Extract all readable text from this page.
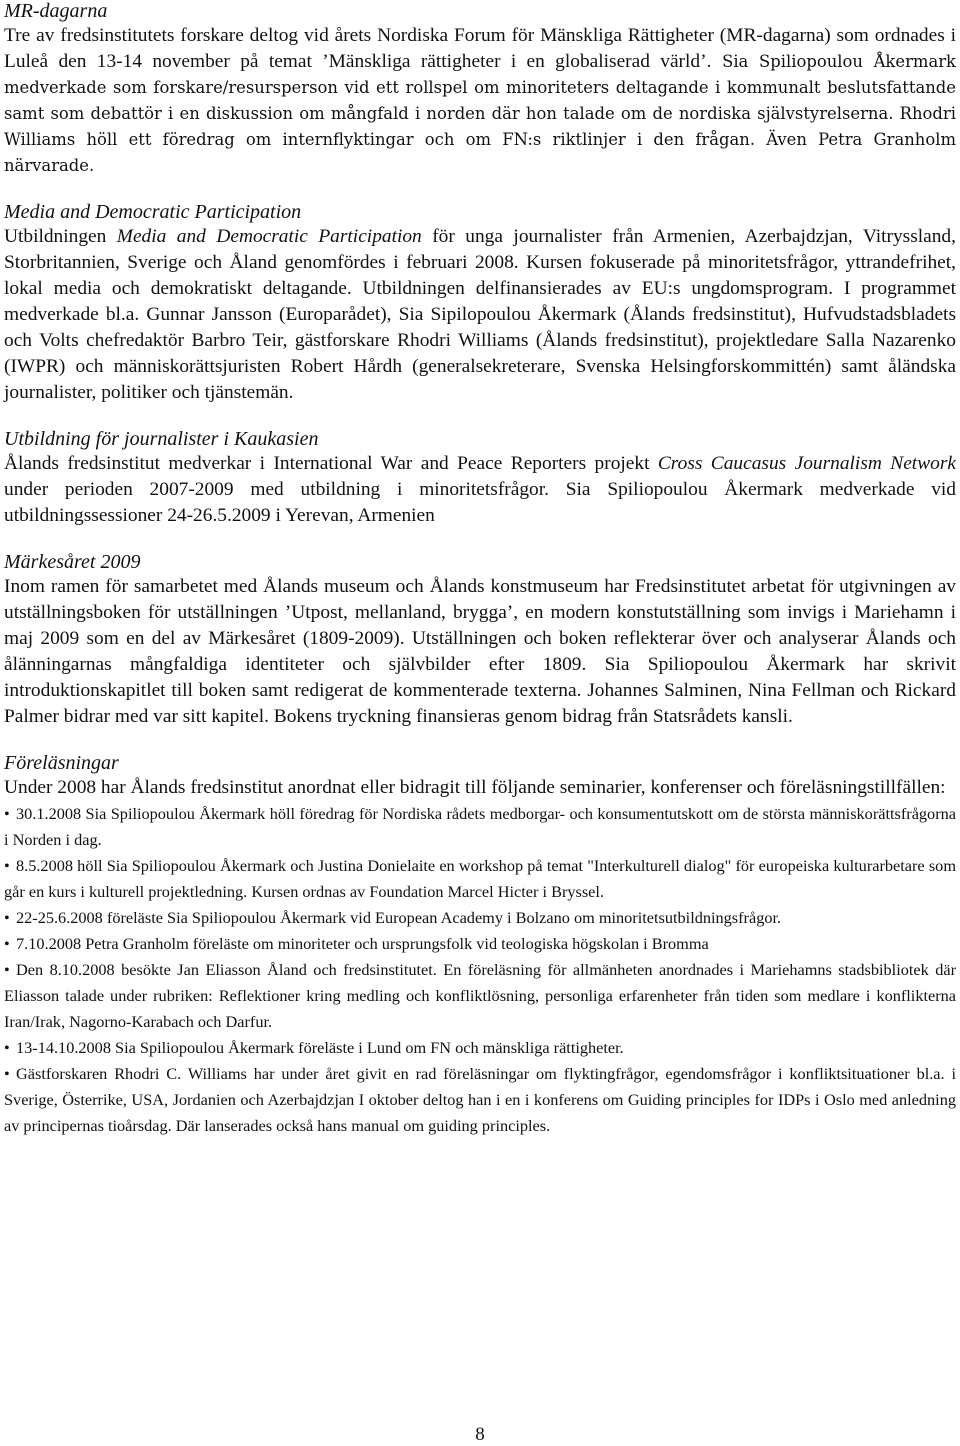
MR-dagarna

Tre av fredsinstitutets forskare deltog vid årets Nordiska Forum för Mänskliga Rättigheter (MR-dagarna) som ordnades i Luleå den 13-14 november på temat ’Mänskliga rättigheter i en globaliserad värld’. Sia Spiliopoulou Åkermark medverkade som forskare/resursperson vid ett rollspel om minoriteters deltagande i kommunalt beslutsfattande samt som debattör i en diskussion om mångfald i norden där hon talade om de nordiska självstyrelserna. Rhodri Williams höll ett föredrag om internflyktingar och om FN:s riktlinjer i den frågan. Även Petra Granholm närvarade.

Media and Democratic Participation

Utbildningen Media and Democratic Participation för unga journalister från Armenien, Azerbajdzjan, Vitryssland, Storbritannien, Sverige och Åland genomfördes i februari 2008. Kursen fokuserade på minoritetsfrågor, yttrandefrihet, lokal media och demokratiskt deltagande. Utbildningen delfinansierades av EU:s ungdomsprogram. I programmet medverkade bl.a. Gunnar Jansson (Europarådet), Sia Sipilopoulou Åkermark (Ålands fredsinstitut), Hufvudstadsbladets och Volts chefredaktör Barbro Teir, gästforskare Rhodri Williams (Ålands fredsinstitut), projektledare Salla Nazarenko (IWPR) och människorättsjuristen Robert Hårdh (generalsekreterare, Svenska Helsingforskommittén) samt åländska journalister, politiker och tjänstemän.

Utbildning för journalister i Kaukasien

Ålands fredsinstitut medverkar i International War and Peace Reporters projekt Cross Caucasus Journalism Network under perioden 2007-2009 med utbildning i minoritetsfrågor. Sia Spiliopoulou Åkermark medverkade vid utbildningssessioner 24-26.5.2009 i Yerevan, Armenien

Märkesåret 2009

Inom ramen för samarbetet med Ålands museum och Ålands konstmuseum har Fredsinstitutet arbetat för utgivningen av utställningsboken för utställningen ’Utpost, mellanland, brygga’, en modern konstutställning som invigs i Mariehamn i maj 2009 som en del av Märkesåret (1809-2009). Utställningen och boken reflekterar över och analyserar Ålands och ålänningarnas mångfaldiga identiteter och självbilder efter 1809. Sia Spiliopoulou Åkermark har skrivit introduktionskapitlet till boken samt redigerat de kommenterade texterna. Johannes Salminen, Nina Fellman och Rickard Palmer bidrar med var sitt kapitel. Bokens tryckning finansieras genom bidrag från Statsrådets kansli.

Föreläsningar

Under 2008 har Ålands fredsinstitut anordnat eller bidragit till följande seminarier, konferenser och föreläsningstillfällen:

• 30.1.2008 Sia Spiliopoulou Åkermark höll föredrag för Nordiska rådets medborgar- och konsumentutskott om de största människorättsfrågorna i Norden i dag.
• 8.5.2008 höll Sia Spiliopoulou Åkermark och Justina Donielaite en workshop på temat "Interkulturell dialog" för europeiska kulturarbetare som går en kurs i kulturell projektledning. Kursen ordnas av Foundation Marcel Hicter i Bryssel.
• 22-25.6.2008 föreläste Sia Spiliopoulou Åkermark vid European Academy i Bolzano om minoritetsutbildningsfrågor.
• 7.10.2008 Petra Granholm föreläste om minoriteter och ursprungsfolk vid teologiska högskolan i Bromma
• Den 8.10.2008 besökte Jan Eliasson Åland och fredsinstitutet. En föreläsning för allmänheten anordnades i Mariehamns stadsbibliotek där Eliasson talade under rubriken: Reflektioner kring medling och konfliktlösning, personliga erfarenheter från tiden som medlare i konflikterna Iran/Irak, Nagorno-Karabach och Darfur.
• 13-14.10.2008 Sia Spiliopoulou Åkermark föreläste i Lund om FN och mänskliga rättigheter.
• Gästforskaren Rhodri C. Williams har under året givit en rad föreläsningar om flyktingfrågor, egendomsfrågor i konfliktsituationer bl.a. i Sverige, Österrike, USA, Jordanien och Azerbajdzjan I oktober deltog han i en i konferens om Guiding principles for IDPs i Oslo med anledning av principernas tioårsdag. Där lanserades också hans manual om guiding principles.
8
